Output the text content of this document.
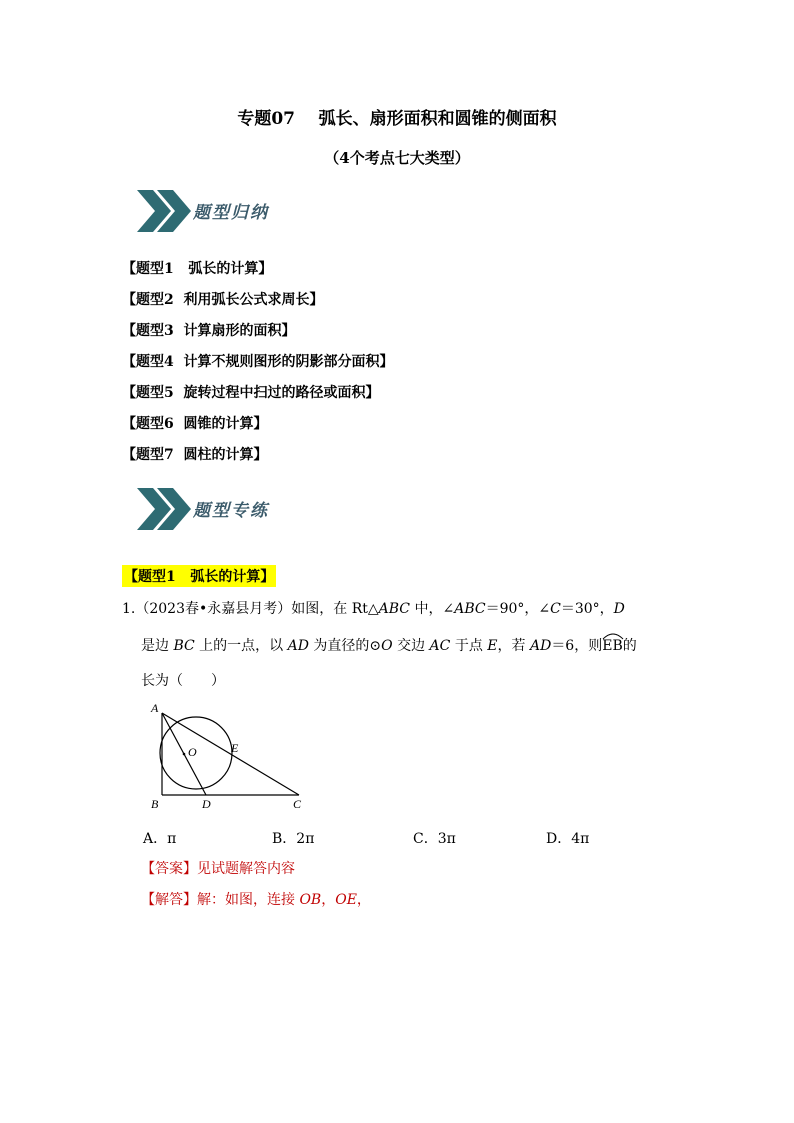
专题07    弧长、扇形面积和圆锥的侧面积
（4个考点七大类型）
题型归纳
【题型1   弧长的计算】
【题型2  利用弧长公式求周长】
【题型3  计算扇形的面积】
【题型4  计算不规则图形的阴影部分面积】
【题型5  旋转过程中扫过的路径或面积】
【题型6  圆锥的计算】
【题型7  圆柱的计算】
题型专练
【题型1   弧长的计算】
1.（2023春•永嘉县月考）如图，在 Rt△ABC 中，∠ABC＝90°，∠C＝30°，D
是边 BC 上的一点，以 AD 为直径的⊙O 交边 AC 于点 E，若 AD＝6，则
EB的
长为（　　）
A
O	E
B	D	C
A．π	B．2π	C．3π	D．4π
【答案】见试题解答内容
【解答】解：如图，连接 OB，OE，
